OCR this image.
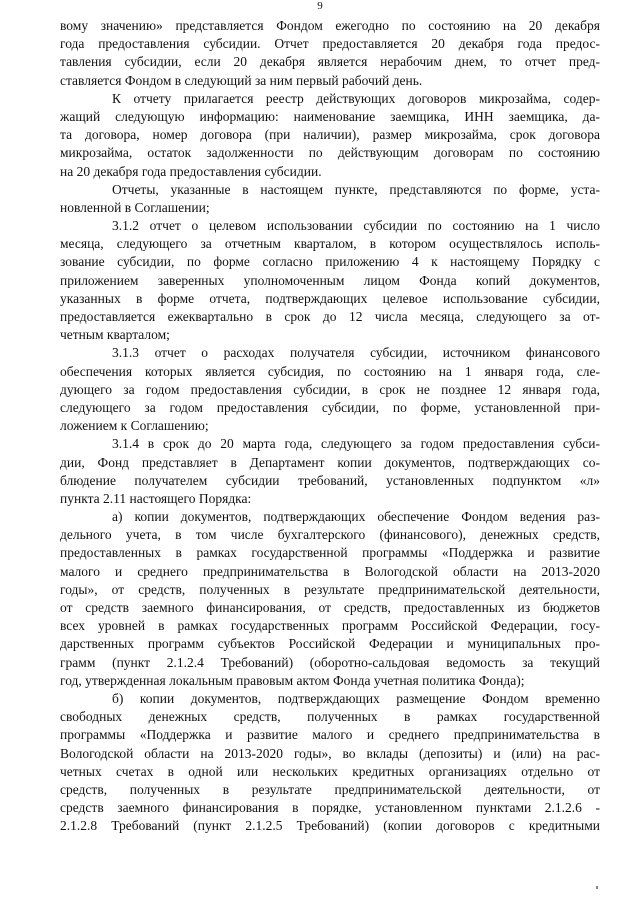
9
вому значению» представляется Фондом ежегодно по состоянию на 20 декабря
года предоставления субсидии. Отчет предоставляется 20 декабря года предос-
тавления субсидии, если 20 декабря является нерабочим днем, то отчет пред-
ставляется Фондом в следующий за ним первый рабочий день.
К отчету прилагается реестр действующих договоров микрозайма, содер-
жащий следующую информацию: наименование заемщика, ИНН заемщика, да-
та договора, номер договора (при наличии), размер микрозайма, срок договора
микрозайма, остаток задолженности по действующим договорам по состоянию
на 20 декабря года предоставления субсидии.
Отчеты, указанные в настоящем пункте, представляются по форме, уста-
новленной в Соглашении;
3.1.2 отчет о целевом использовании субсидии по состоянию на 1 число
месяца, следующего за отчетным кварталом, в котором осуществлялось исполь-
зование субсидии, по форме согласно приложению 4 к настоящему Порядку с
приложением заверенных уполномоченным лицом Фонда копий документов,
указанных в форме отчета, подтверждающих целевое использование субсидии,
предоставляется ежеквартально в срок до 12 числа месяца, следующего за от-
четным кварталом;
3.1.3 отчет о расходах получателя субсидии, источником финансового
обеспечения которых является субсидия, по состоянию на 1 января года, сле-
дующего за годом предоставления субсидии, в срок не позднее 12 января года,
следующего за годом предоставления субсидии, по форме, установленной при-
ложением к Соглашению;
3.1.4 в срок до 20 марта года, следующего за годом предоставления субси-
дии, Фонд представляет в Департамент копии документов, подтверждающих со-
блюдение получателем субсидии требований, установленных подпунктом «л»
пункта 2.11 настоящего Порядка:
а) копии документов, подтверждающих обеспечение Фондом ведения раз-
дельного учета, в том числе бухгалтерского (финансового), денежных средств,
предоставленных в рамках государственной программы «Поддержка и развитие
малого и среднего предпринимательства в Вологодской области на 2013-2020
годы», от средств, полученных в результате предпринимательской деятельности,
от средств заемного финансирования, от средств, предоставленных из бюджетов
всех уровней в рамках государственных программ Российской Федерации, госу-
дарственных программ субъектов Российской Федерации и муниципальных про-
грамм (пункт 2.1.2.4 Требований) (оборотно-сальдовая ведомость за текущий
год, утвержденная локальным правовым актом Фонда учетная политика Фонда);
б) копии документов, подтверждающих размещение Фондом временно
свободных денежных средств, полученных в рамках государственной
программы «Поддержка и развитие малого и среднего предпринимательства в
Вологодской области на 2013-2020 годы», во вклады (депозиты) и (или) на рас-
четных счетах в одной или нескольких кредитных организациях отдельно от
средств, полученных в результате предпринимательской деятельности, от
средств заемного финансирования в порядке, установленном пунктами 2.1.2.6 -
2.1.2.8 Требований (пункт 2.1.2.5 Требований) (копии договоров с кредитными
